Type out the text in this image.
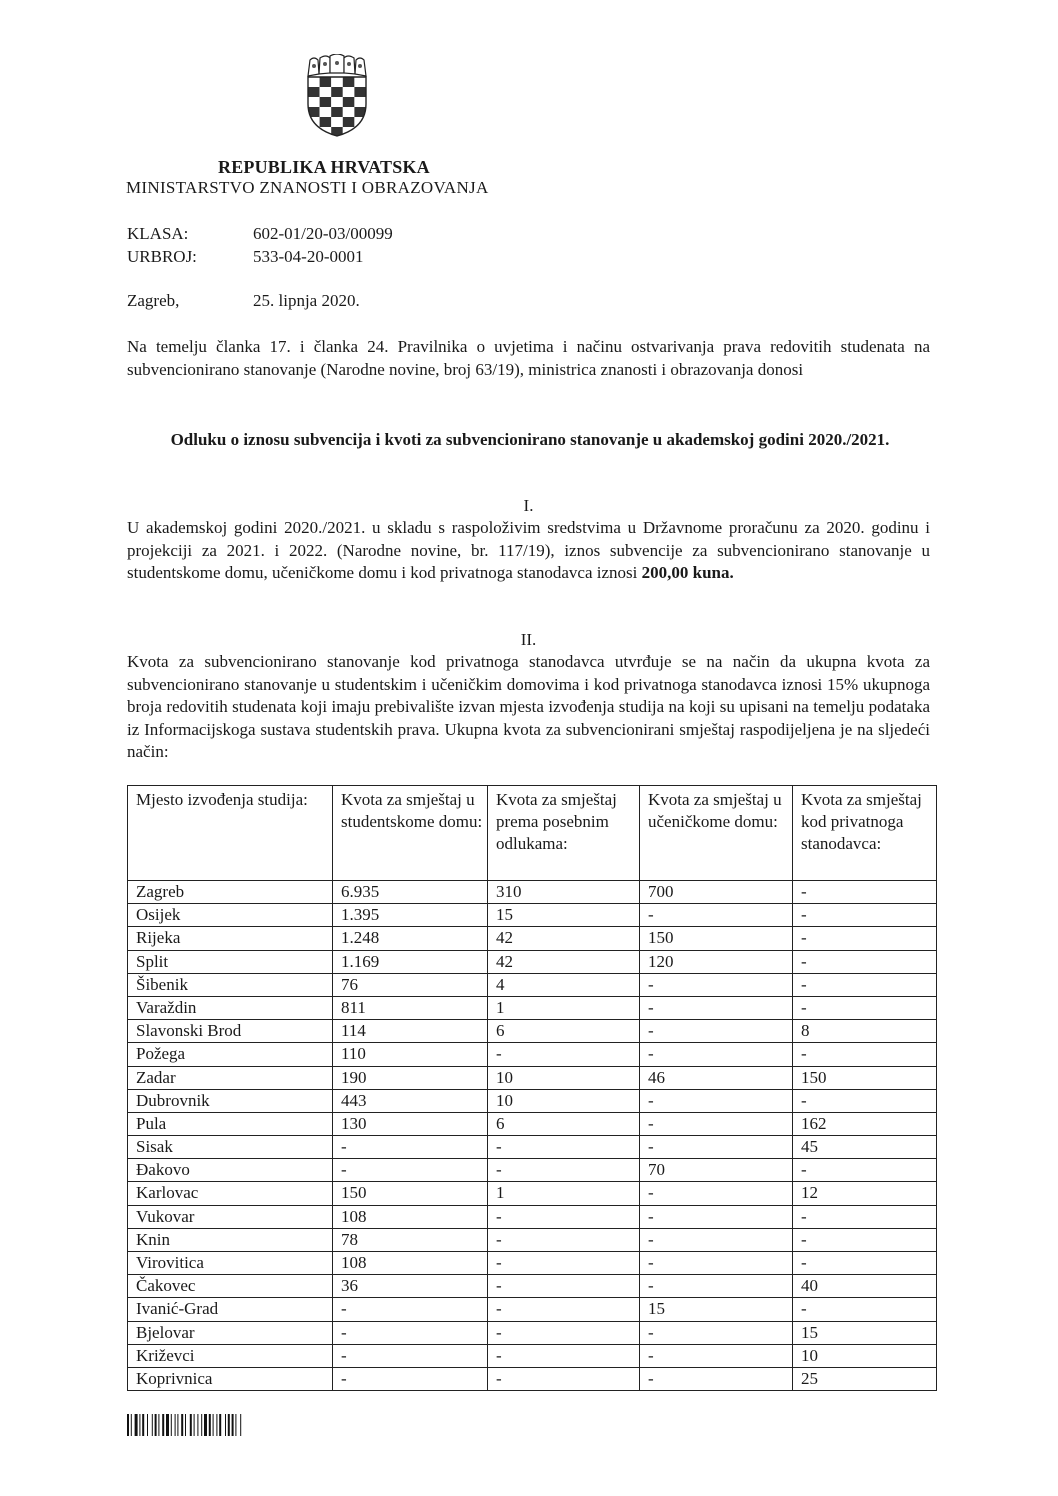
REPUBLIKA HRVATSKA
MINISTARSTVO ZNANOSTI I OBRAZOVANJA
KLASA:	602-01/20-03/00099
URBROJ:	533-04-20-0001
Zagreb,	25. lipnja 2020.

Na temelju članka 17. i članka 24. Pravilnika o uvjetima i načinu ostvarivanja prava redovitih studenata na subvencionirano stanovanje (Narodne novine, broj 63/19), ministrica znanosti i obrazovanja donosi

Odluku o iznosu subvencija i kvoti za subvencionirano stanovanje u akademskoj godini 2020./2021.

I.

U akademskoj godini 2020./2021. u skladu s raspoloživim sredstvima u Državnome proračunu za 2020. godinu i projekciji za 2021. i 2022. (Narodne novine, br. 117/19), iznos subvencije za subvencionirano stanovanje u studentskome domu, učeničkome domu i kod privatnoga stanodavca iznosi 200,00 kuna.

II.

Kvota za subvencionirano stanovanje kod privatnoga stanodavca utvrđuje se na način da ukupna kvota za subvencionirano stanovanje u studentskim i učeničkim domovima i kod privatnoga stanodavca iznosi 15% ukupnoga broja redovitih studenata koji imaju prebivalište izvan mjesta izvođenja studija na koji su upisani na temelju podataka iz Informacijskoga sustava studentskih prava. Ukupna kvota za subvencionirani smještaj raspodijeljena je na sljedeći način:

Mjesto izvođenja studija:	Kvota za smještaj u studentskome domu:	Kvota za smještaj prema posebnim odlukama:	Kvota za smještaj u učeničkome domu:	Kvota za smještaj kod privatnoga stanodavca:
Zagreb	6.935	310	700	-
Osijek	1.395	15	-	-
Rijeka	1.248	42	150	-
Split	1.169	42	120	-
Šibenik	76	4	-	-
Varaždin	811	1	-	-
Slavonski Brod	114	6	-	8
Požega	110	-	-	-
Zadar	190	10	46	150
Dubrovnik	443	10	-	-
Pula	130	6	-	162
Sisak	-	-	-	45
Đakovo	-	-	70	-
Karlovac	150	1	-	12
Vukovar	108	-	-	-
Knin	78	-	-	-
Virovitica	108	-	-	-
Čakovec	36	-	-	40
Ivanić-Grad	-	-	15	-
Bjelovar	-	-	-	15
Križevci	-	-	-	10
Koprivnica	-	-	-	25
